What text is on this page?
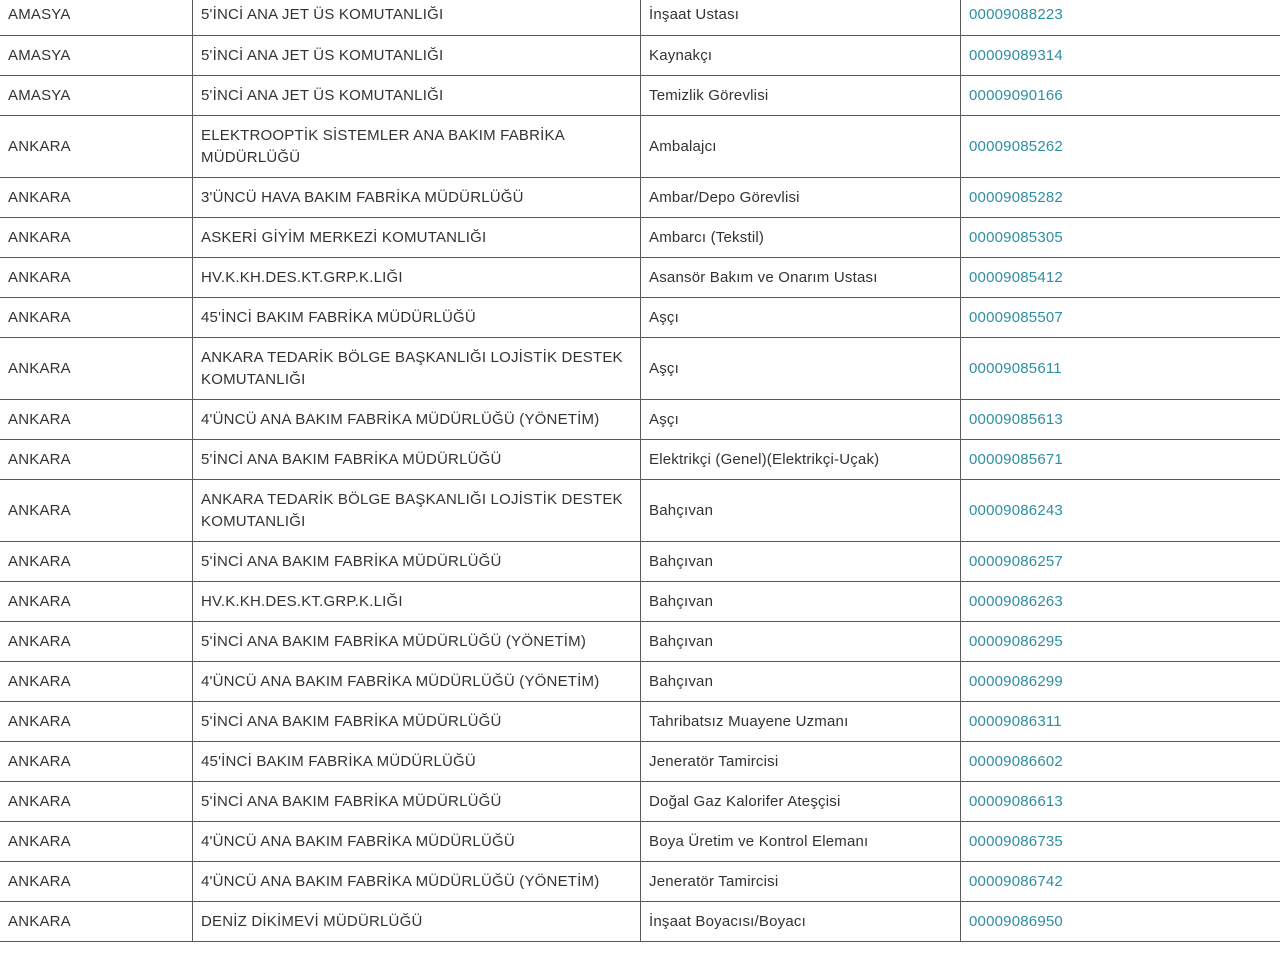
AMASYA	5'İNCİ ANA JET ÜS KOMUTANLIĞI	İnşaat Ustası	00009088223
AMASYA	5'İNCİ ANA JET ÜS KOMUTANLIĞI	Kaynakçı	00009089314
AMASYA	5'İNCİ ANA JET ÜS KOMUTANLIĞI	Temizlik Görevlisi	00009090166
ANKARA	ELEKTROOPTİK SİSTEMLER ANA BAKIM FABRİKA MÜDÜRLÜĞÜ	Ambalajcı	00009085262
ANKARA	3'ÜNCÜ HAVA BAKIM FABRİKA MÜDÜRLÜĞÜ	Ambar/Depo Görevlisi	00009085282
ANKARA	ASKERİ GİYİM MERKEZİ KOMUTANLIĞI	Ambarcı (Tekstil)	00009085305
ANKARA	HV.K.KH.DES.KT.GRP.K.LIĞI	Asansör Bakım ve Onarım Ustası	00009085412
ANKARA	45'İNCİ BAKIM FABRİKA MÜDÜRLÜĞÜ	Aşçı	00009085507
ANKARA	ANKARA TEDARİK BÖLGE BAŞKANLIĞI LOJİSTİK DESTEK KOMUTANLIĞI	Aşçı	00009085611
ANKARA	4'ÜNCÜ ANA BAKIM FABRİKA MÜDÜRLÜĞÜ (YÖNETİM)	Aşçı	00009085613
ANKARA	5'İNCİ ANA BAKIM FABRİKA MÜDÜRLÜĞÜ	Elektrikçi (Genel)(Elektrikçi-Uçak)	00009085671
ANKARA	ANKARA TEDARİK BÖLGE BAŞKANLIĞI LOJİSTİK DESTEK KOMUTANLIĞI	Bahçıvan	00009086243
ANKARA	5'İNCİ ANA BAKIM FABRİKA MÜDÜRLÜĞÜ	Bahçıvan	00009086257
ANKARA	HV.K.KH.DES.KT.GRP.K.LIĞI	Bahçıvan	00009086263
ANKARA	5'İNCİ ANA BAKIM FABRİKA MÜDÜRLÜĞÜ (YÖNETİM)	Bahçıvan	00009086295
ANKARA	4'ÜNCÜ ANA BAKIM FABRİKA MÜDÜRLÜĞÜ (YÖNETİM)	Bahçıvan	00009086299
ANKARA	5'İNCİ ANA BAKIM FABRİKA MÜDÜRLÜĞÜ	Tahribatsız Muayene Uzmanı	00009086311
ANKARA	45'İNCİ BAKIM FABRİKA MÜDÜRLÜĞÜ	Jeneratör Tamircisi	00009086602
ANKARA	5'İNCİ ANA BAKIM FABRİKA MÜDÜRLÜĞÜ	Doğal Gaz Kalorifer Ateşçisi	00009086613
ANKARA	4'ÜNCÜ ANA BAKIM FABRİKA MÜDÜRLÜĞÜ	Boya Üretim ve Kontrol Elemanı	00009086735
ANKARA	4'ÜNCÜ ANA BAKIM FABRİKA MÜDÜRLÜĞÜ (YÖNETİM)	Jeneratör Tamircisi	00009086742
ANKARA	DENİZ DİKİMEVİ MÜDÜRLÜĞÜ	İnşaat Boyacısı/Boyacı	00009086950
